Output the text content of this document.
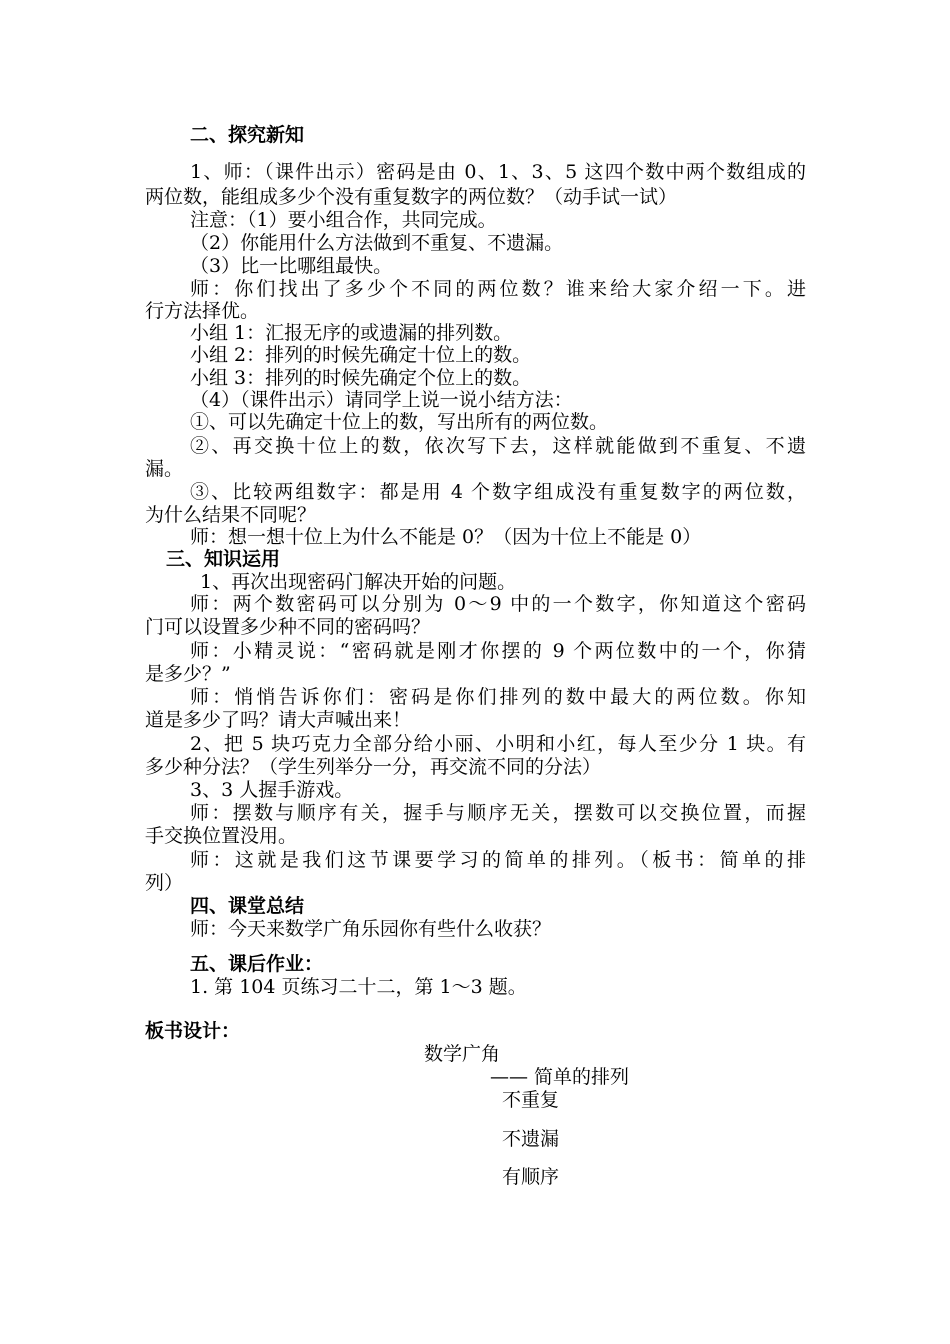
二、探究新知
1、师：（课件出示）密码是由 0、1、3、5 这四个数中两个数组成的
两位数，能组成多少个没有重复数字的两位数？（动手试一试）
注意：（1）要小组合作，共同完成。
（2）你能用什么方法做到不重复、不遗漏。
（3）比一比哪组最快。
师：你们找出了多少个不同的两位数？谁来给大家介绍一下。进
行方法择优。
小组 1：汇报无序的或遗漏的排列数。
小组 2：排列的时候先确定十位上的数。
小组 3：排列的时候先确定个位上的数。
（4）（课件出示）请同学上说一说小结方法：
①、可以先确定十位上的数，写出所有的两位数。
②、再交换十位上的数，依次写下去，这样就能做到不重复、不遗
漏。
③、比较两组数字：都是用 4 个数字组成没有重复数字的两位数，
为什么结果不同呢？
师：想一想十位上为什么不能是 0？（因为十位上不能是 0）
三、知识运用
1、再次出现密码门解决开始的问题。
师：两个数密码可以分别为 0～9 中的一个数字，你知道这个密码
门可以设置多少种不同的密码吗？
师：小精灵说：“密码就是刚才你摆的 9 个两位数中的一个，你猜
是多少？”
师：悄悄告诉你们：密码是你们排列的数中最大的两位数。你知
道是多少了吗？请大声喊出来！
2、把 5 块巧克力全部分给小丽、小明和小红，每人至少分 1 块。有
多少种分法？（学生列举分一分，再交流不同的分法）
3、3 人握手游戏。
师：摆数与顺序有关，握手与顺序无关，摆数可以交换位置，而握
手交换位置没用。
师：这就是我们这节课要学习的简单的排列。（板书：简单的排
列）
四、课堂总结
师：今天来数学广角乐园你有些什么收获？
五、课后作业：
1. 第 104 页练习二十二，第 1～3 题。
板书设计：
数学广角
—— 简单的排列
不重复
不遗漏
有顺序
